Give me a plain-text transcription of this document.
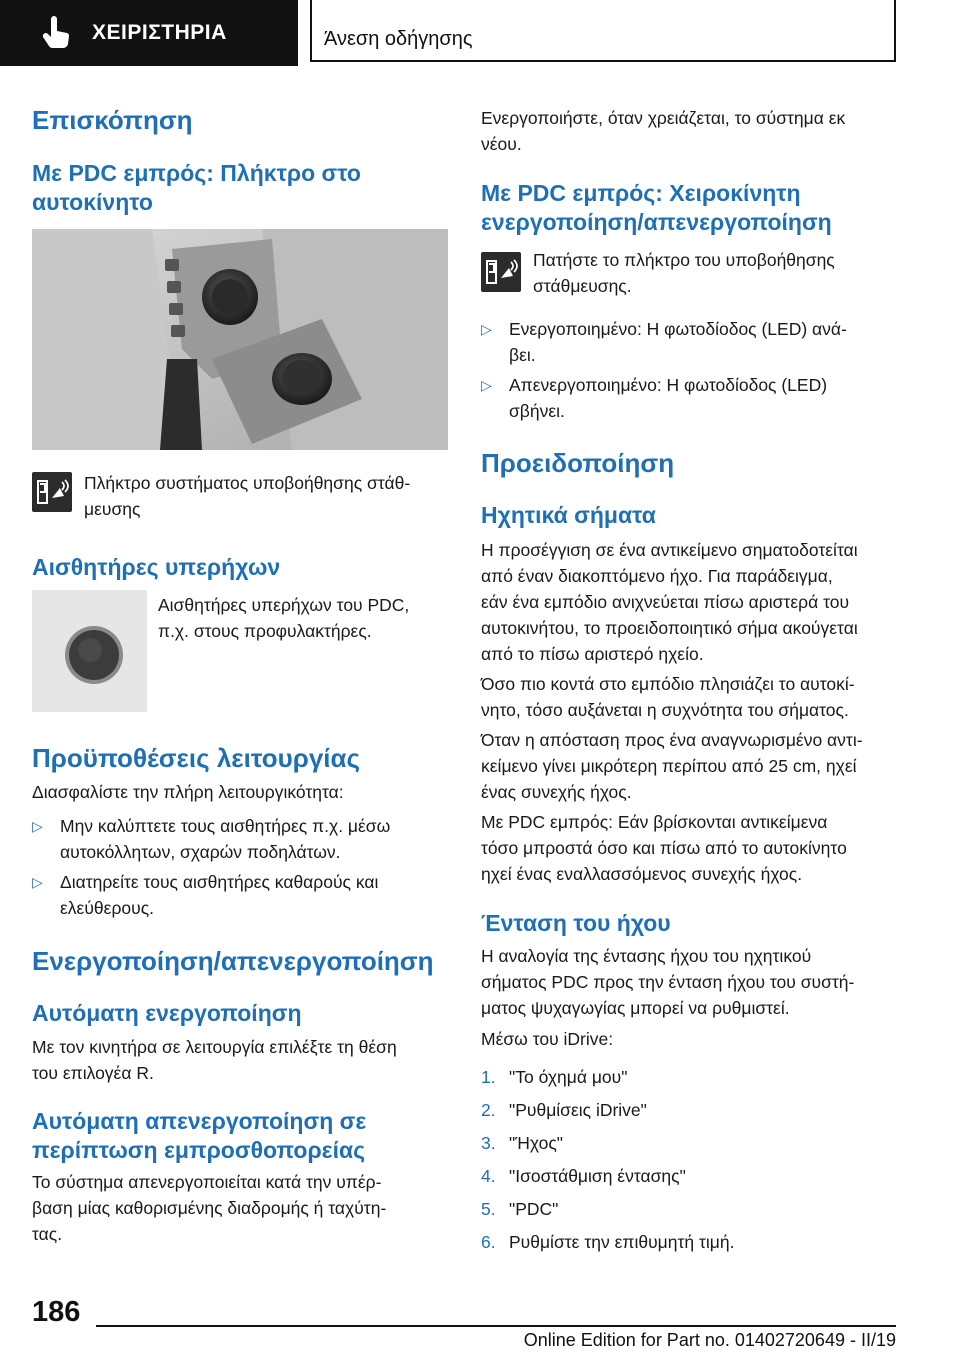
ΧΕΙΡΙΣΤΗΡΙΑ	Άνεση οδήγησης
Επισκόπηση
Με PDC εμπρός: Πλήκτρο στο
αυτοκίνητο

Πλήκτρο συστήματος υποβοήθησης στάθ‐

μευσης

Αισθητήρες υπερήχων

Αισθητήρες υπερήχων του PDC,

π.χ. στους προφυλακτήρες.

Προϋποθέσεις λειτουργίας

Διασφαλίστε την πλήρη λειτουργικότητα:

▷ Μην καλύπτετε τους αισθητήρες π.χ. μέσω
αυτοκόλλητων, σχαρών ποδηλάτων.
▷ Διατηρείτε τους αισθητήρες καθαρούς και
ελεύθερους.
Ενεργοποίηση/απενεργοποίηση
Αυτόματη ενεργοποίηση

Με τον κινητήρα σε λειτουργία επιλέξτε τη θέση

του επιλογέα R.

Αυτόματη απενεργοποίηση σε
περίπτωση εμπροσθοπορείας

Το σύστημα απενεργοποιείται κατά την υπέρ‐

βαση μίας καθορισμένης διαδρομής ή ταχύτη‐

τας.

Ενεργοποιήστε, όταν χρειάζεται, το σύστημα εκ

νέου.

Με PDC εμπρός: Χειροκίνητη
ενεργοποίηση/απενεργοποίηση

Πατήστε το πλήκτρο του υποβοήθησης

στάθμευσης.

▷ Ενεργοποιημένο: Η φωτοδίοδος (LED) ανά‐
βει.
▷ Απενεργοποιημένο: Η φωτοδίοδος (LED)
σβήνει.
Προειδοποίηση
Ηχητικά σήματα

Η προσέγγιση σε ένα αντικείμενο σηματοδοτείται

από έναν διακοπτόμενο ήχο. Για παράδειγμα,

εάν ένα εμπόδιο ανιχνεύεται πίσω αριστερά του

αυτοκινήτου, το προειδοποιητικό σήμα ακούγεται

από το πίσω αριστερό ηχείο.

Όσο πιο κοντά στο εμπόδιο πλησιάζει το αυτοκί‐

νητο, τόσο αυξάνεται η συχνότητα του σήματος.

Όταν η απόσταση προς ένα αναγνωρισμένο αντι‐

κείμενο γίνει μικρότερη περίπου από 25 cm, ηχεί

ένας συνεχής ήχος.

Με PDC εμπρός: Εάν βρίσκονται αντικείμενα

τόσο μπροστά όσο και πίσω από το αυτοκίνητο

ηχεί ένας εναλλασσόμενος συνεχής ήχος.

Ένταση του ήχου

Η αναλογία της έντασης ήχου του ηχητικού

σήματος PDC προς την ένταση ήχου του συστή‐

ματος ψυχαγωγίας μπορεί να ρυθμιστεί.

Μέσω του iDrive:

1. "Το όχημά μου"
2. "Ρυθμίσεις iDrive"
3. "Ήχος"
4. "Ισοστάθμιση έντασης"
5. "PDC"
6. Ρυθμίστε την επιθυμητή τιμή.
186
Online Edition for Part no. 01402720649 - II/19
